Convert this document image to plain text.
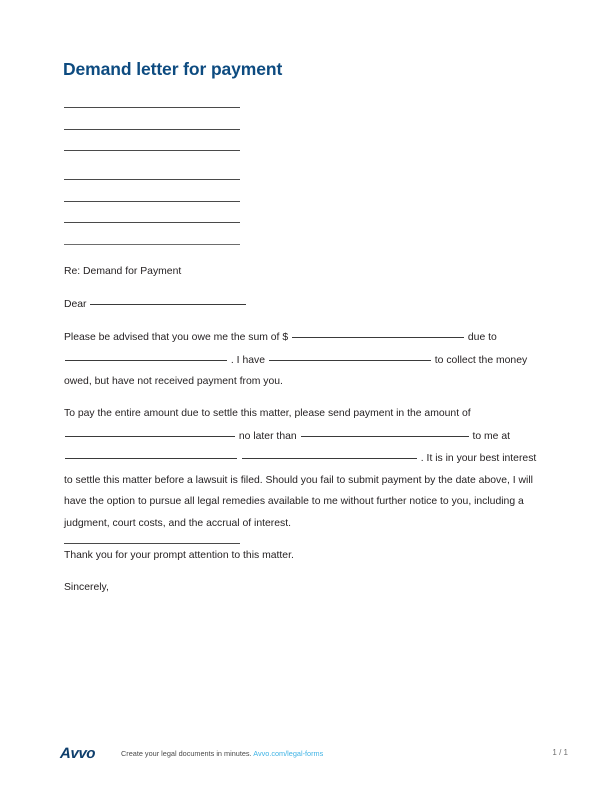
Demand letter for payment

Re: Demand for Payment

Dear

Please be advised that you owe me the sum of $	due to  . I have	to collect the money owed, but have not received payment from you.

To pay the entire amount due to settle this matter, please send payment in the amount of  no later than	to me at   . It is in your best interest to settle this matter before a lawsuit is filed. Should you fail to submit payment by the date above, I will have the option to pursue all legal remedies available to me without further notice to you, including a judgment, court costs, and the accrual of interest.

Thank you for your prompt attention to this matter.

Sincerely,

Avvo	Create your legal documents in minutes. Avvo.com/legal-forms	1 / 1
